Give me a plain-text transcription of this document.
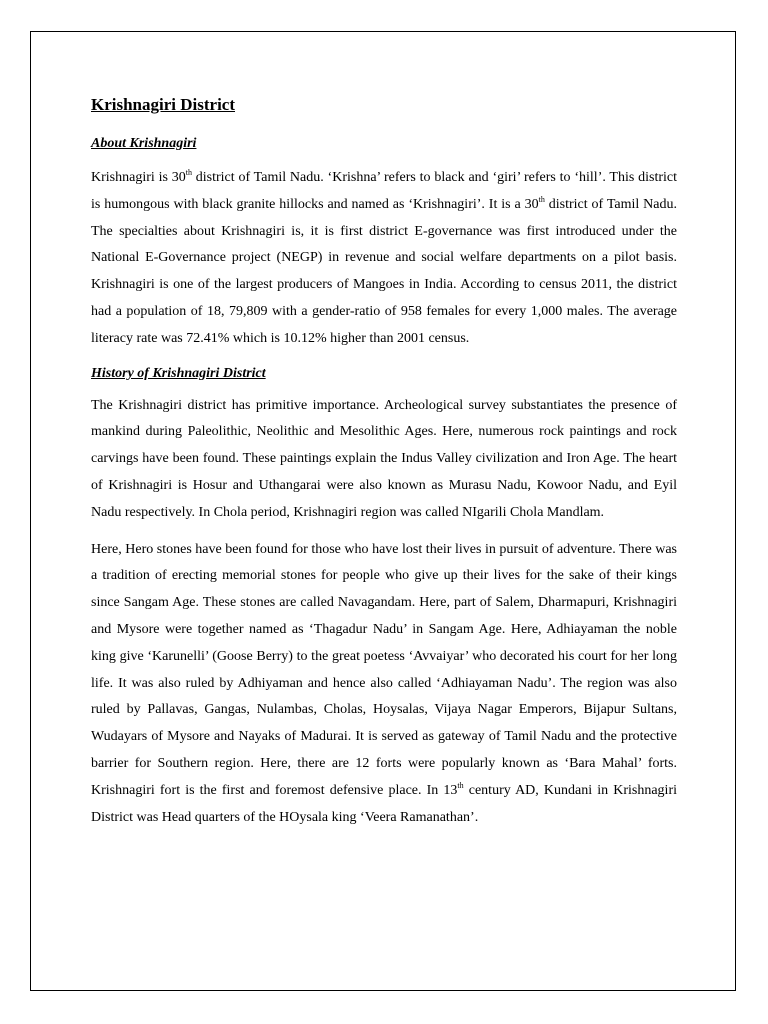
Krishnagiri District
About Krishnagiri

Krishnagiri is 30th district of Tamil Nadu. ‘Krishna’ refers to black and ‘giri’ refers to ‘hill’. This district is humongous with black granite hillocks and named as ‘Krishnagiri’. It is a 30th district of Tamil Nadu. The specialties about Krishnagiri is, it is first district E-governance was first introduced under the National E-Governance project (NEGP) in revenue and social welfare departments on a pilot basis. Krishnagiri is one of the largest producers of Mangoes in India. According to census 2011, the district had a population of 18, 79,809 with a gender-ratio of 958 females for every 1,000 males. The average literacy rate was 72.41% which is 10.12% higher than 2001 census.

History of Krishnagiri District

The Krishnagiri district has primitive importance. Archeological survey substantiates the presence of mankind during Paleolithic, Neolithic and Mesolithic Ages. Here, numerous rock paintings and rock carvings have been found. These paintings explain the Indus Valley civilization and Iron Age. The heart of Krishnagiri is Hosur and Uthangarai were also known as Murasu Nadu, Kowoor Nadu, and Eyil Nadu respectively. In Chola period, Krishnagiri region was called NIgarili Chola Mandlam.

Here, Hero stones have been found for those who have lost their lives in pursuit of adventure. There was a tradition of erecting memorial stones for people who give up their lives for the sake of their kings since Sangam Age. These stones are called Navagandam. Here, part of Salem, Dharmapuri, Krishnagiri and Mysore were together named as ‘Thagadur Nadu’ in Sangam Age. Here, Adhiayaman the noble king give ‘Karunelli’ (Goose Berry) to the great poetess ‘Avvaiyar’ who decorated his court for her long life. It was also ruled by Adhiyaman and hence also called ‘Adhiayaman Nadu’. The region was also ruled by Pallavas, Gangas, Nulambas, Cholas, Hoysalas, Vijaya Nagar Emperors, Bijapur Sultans, Wudayars of Mysore and Nayaks of Madurai. It is served as gateway of Tamil Nadu and the protective barrier for Southern region. Here, there are 12 forts were popularly known as ‘Bara Mahal’ forts. Krishnagiri fort is the first and foremost defensive place. In 13th century AD, Kundani in Krishnagiri District was Head quarters of the HOysala king ‘Veera Ramanathan’.
